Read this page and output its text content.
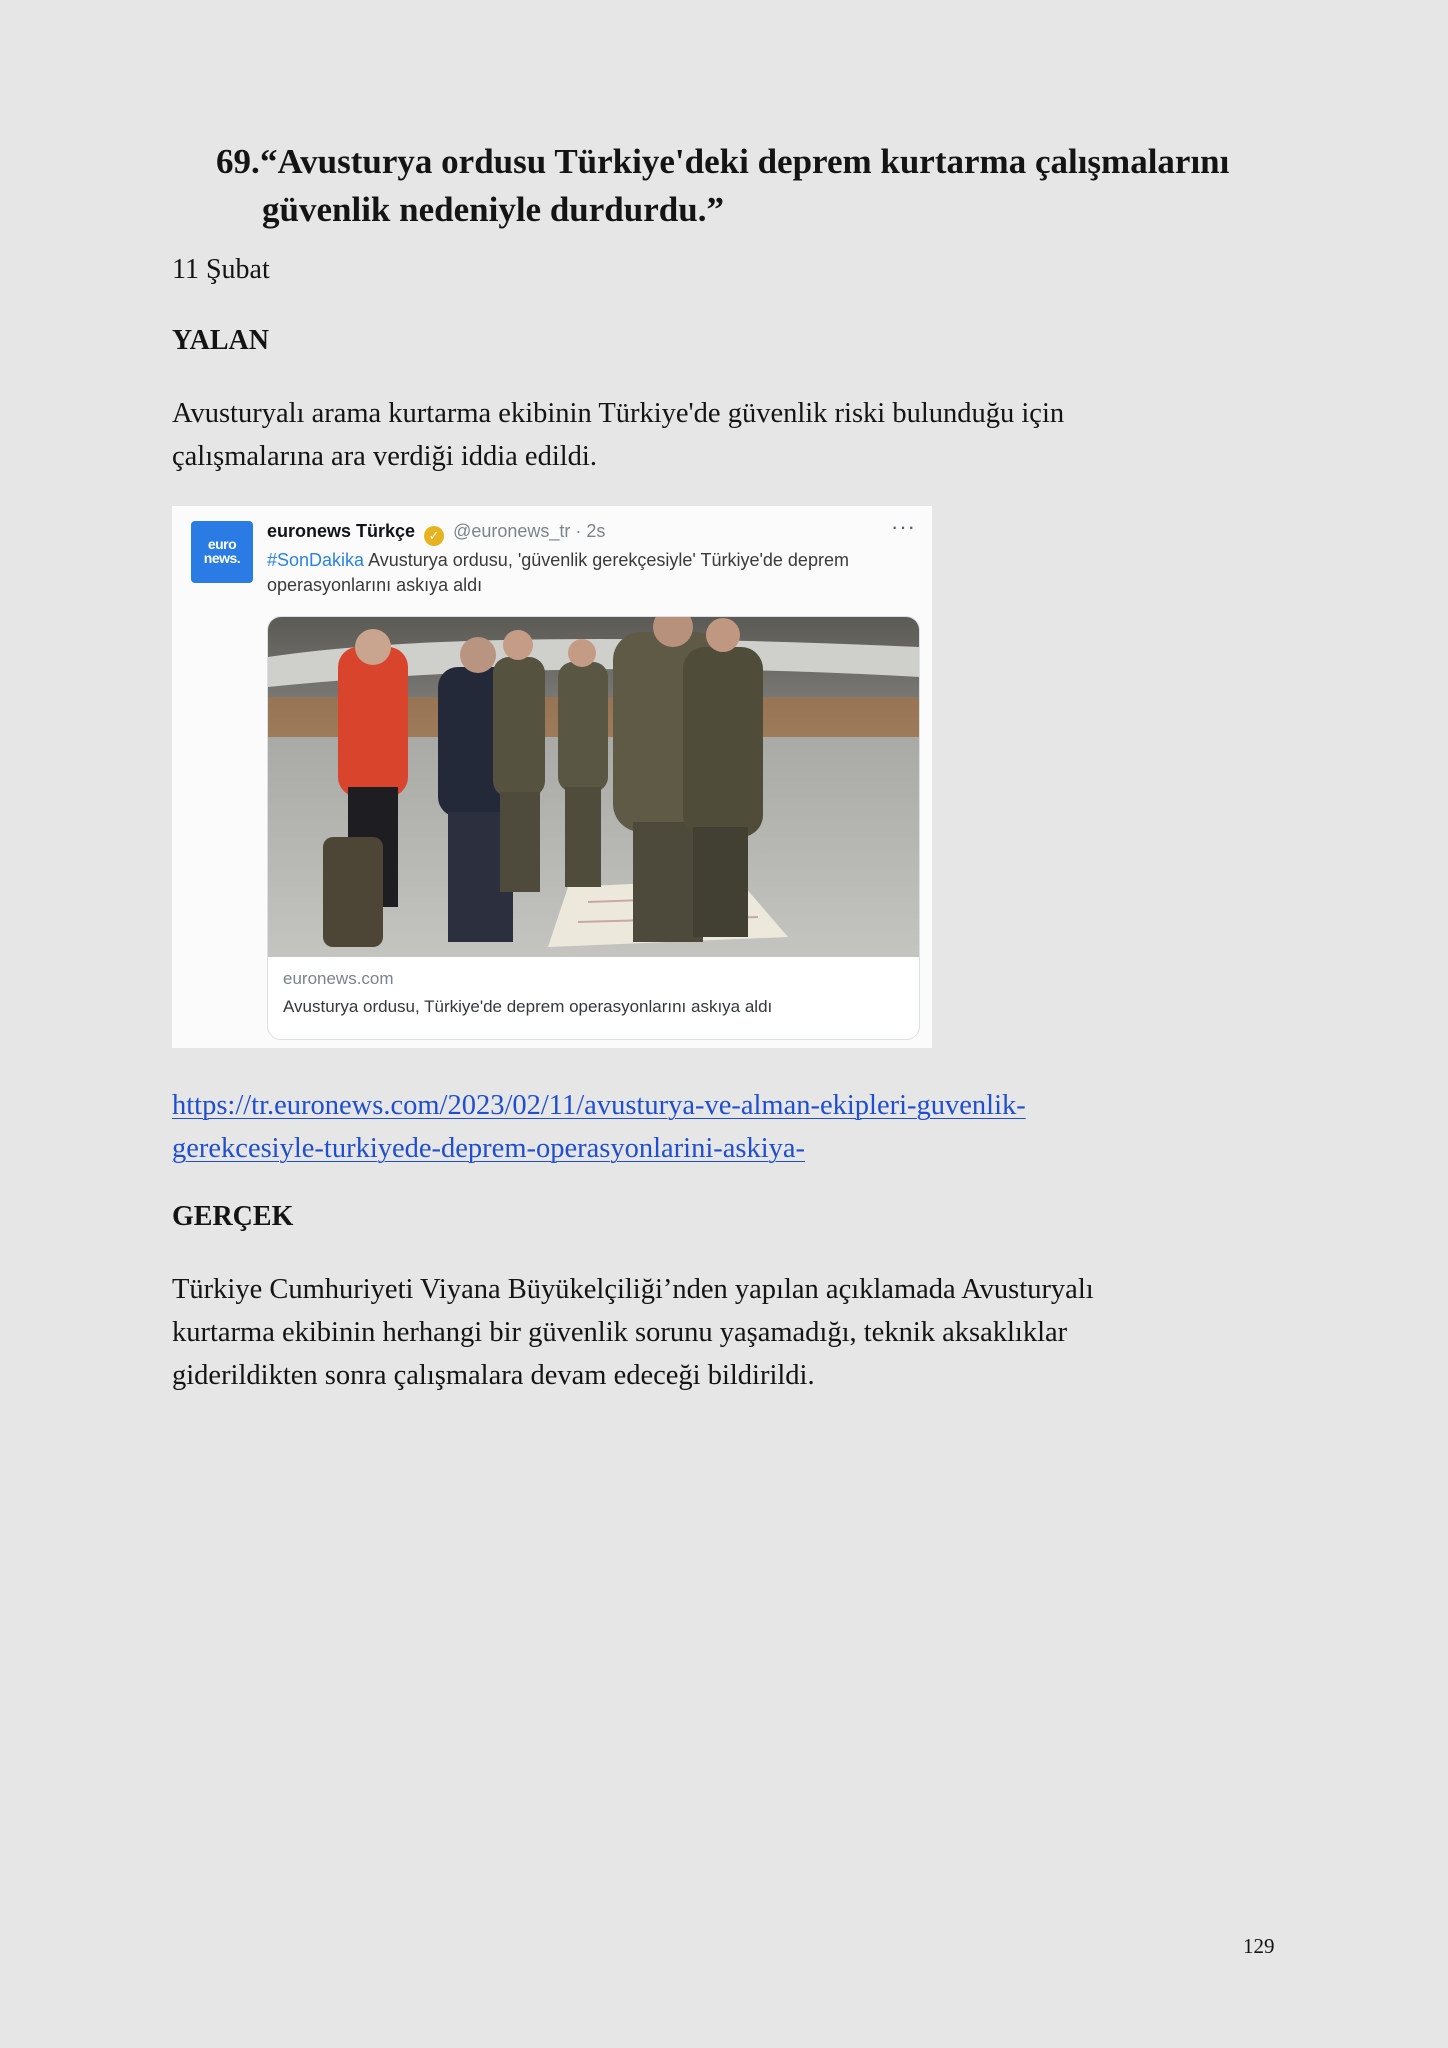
69. “Avusturya ordusu Türkiye'deki deprem kurtarma çalışmalarını
güvenlik nedeniyle durdurdu.”
11 Şubat
YALAN
Avusturyalı arama kurtarma ekibinin Türkiye'de güvenlik riski bulunduğu için
çalışmalarına ara verdiği iddia edildi.
euro
news.
euronews Türkçe ✓ @euronews_tr · 2s	···
#SonDakika Avusturya ordusu, 'güvenlik gerekçesiyle' Türkiye'de deprem
operasyonlarını askıya aldı
euronews.com
Avusturya ordusu, Türkiye'de deprem operasyonlarını askıya aldı
https://tr.euronews.com/2023/02/11/avusturya-ve-alman-ekipleri-guvenlik-
gerekcesiyle-turkiyede-deprem-operasyonlarini-askiya-
GERÇEK
Türkiye Cumhuriyeti Viyana Büyükelçiliği’nden yapılan açıklamada Avusturyalı
kurtarma ekibinin herhangi bir güvenlik sorunu yaşamadığı, teknik aksaklıklar
giderildikten sonra çalışmalara devam edeceği bildirildi.
129
